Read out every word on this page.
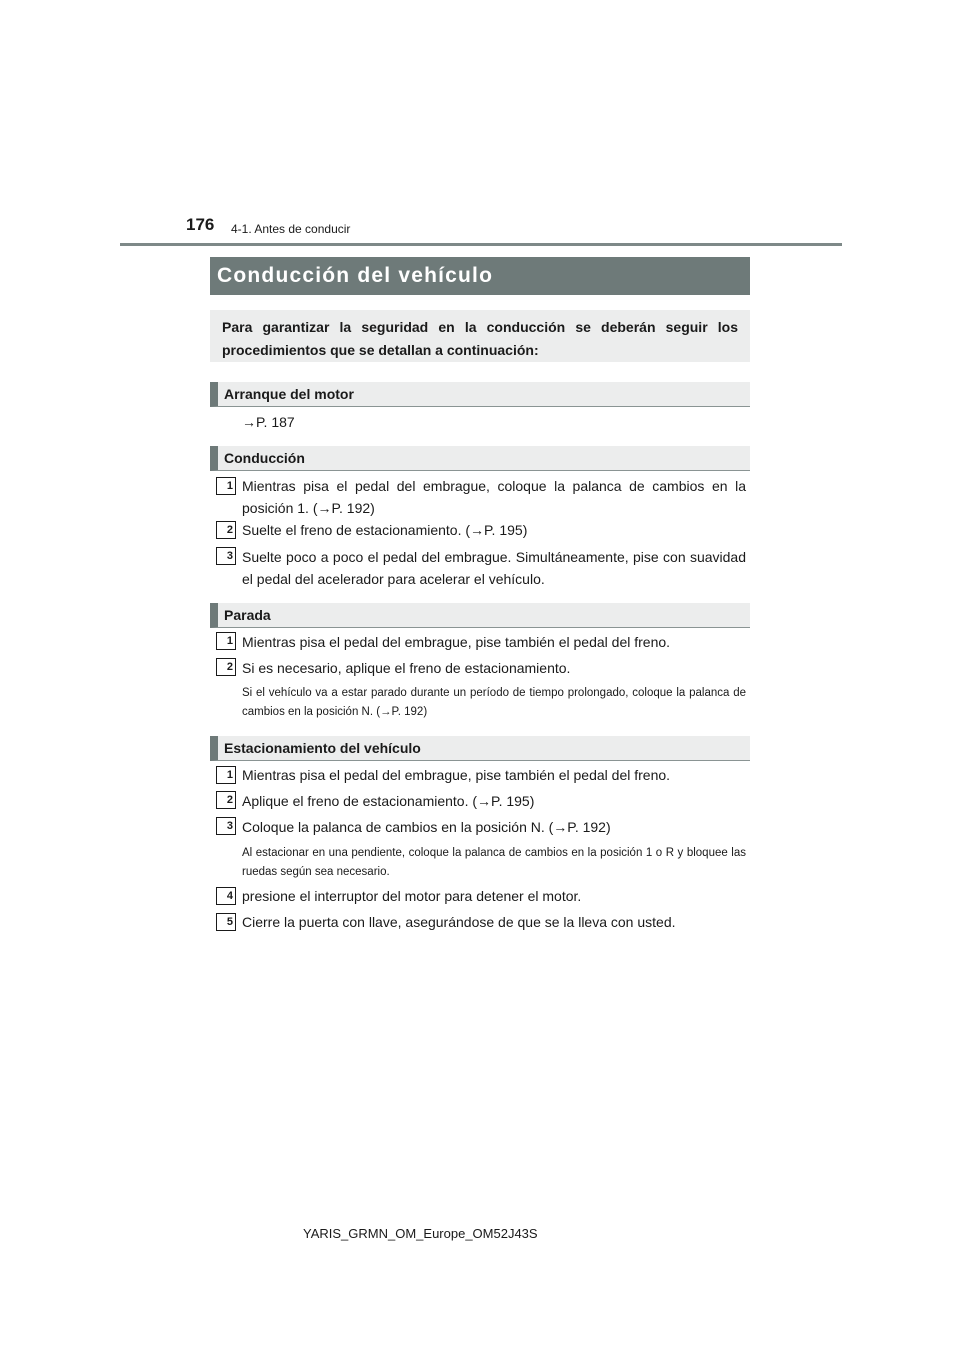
176 4-1. Antes de conducir
Conducción del vehículo
Para garantizar la seguridad en la conducción se deberán seguir los procedimientos que se detallan a continuación:
Arranque del motor
→P. 187
Conducción
1 Mientras pisa el pedal del embrague, coloque la palanca de cambios en la posición 1. (→P. 192)
2 Suelte el freno de estacionamiento. (→P. 195)
3 Suelte poco a poco el pedal del embrague. Simultáneamente, pise con suavidad el pedal del acelerador para acelerar el vehículo.
Parada
1 Mientras pisa el pedal del embrague, pise también el pedal del freno.
2 Si es necesario, aplique el freno de estacionamiento.
Si el vehículo va a estar parado durante un período de tiempo prolongado, coloque la palanca de cambios en la posición N. (→P. 192)
Estacionamiento del vehículo
1 Mientras pisa el pedal del embrague, pise también el pedal del freno.
2 Aplique el freno de estacionamiento. (→P. 195)
3 Coloque la palanca de cambios en la posición N. (→P. 192)
Al estacionar en una pendiente, coloque la palanca de cambios en la posición 1 o R y bloquee las ruedas según sea necesario.
4 presione el interruptor del motor para detener el motor.
5 Cierre la puerta con llave, asegurándose de que se la lleva con usted.
YARIS_GRMN_OM_Europe_OM52J43S
